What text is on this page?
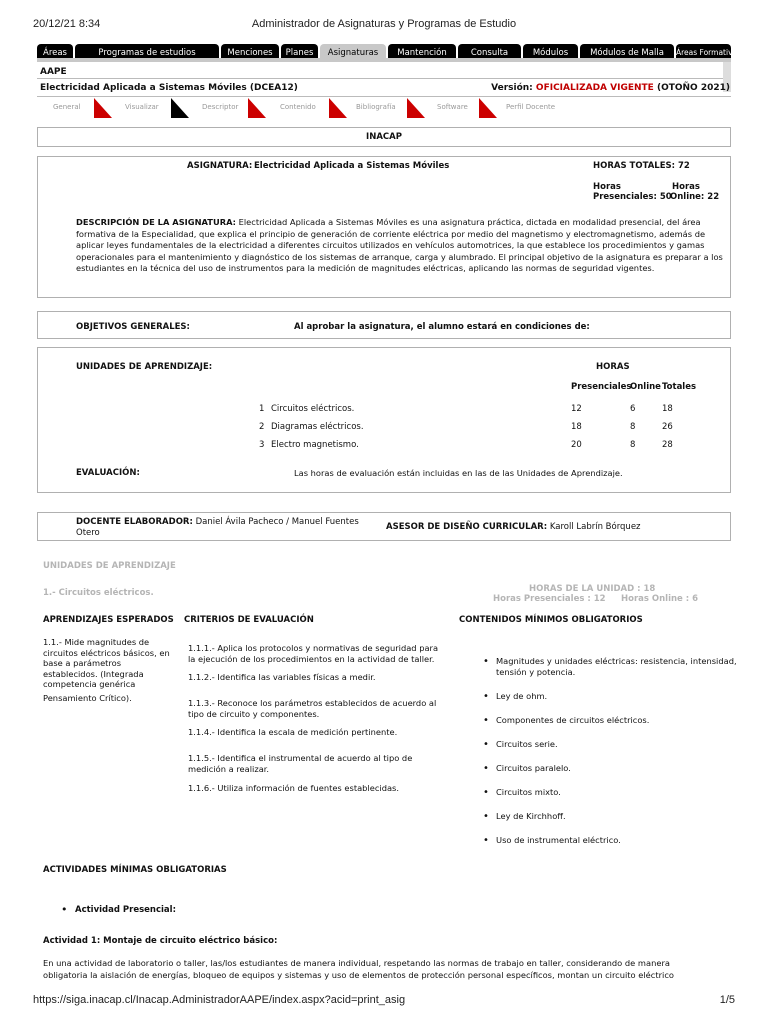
20/12/21 8:34	Administrador de Asignaturas y Programas de Estudio
Áreas	Programas de estudios	Menciones	Planes	Asignaturas	Mantención	Consulta	Módulos	Módulos de Malla	Áreas Formativas
AAPE
Electricidad Aplicada a Sistemas Móviles (DCEA12)	Versión: OFICIALIZADA VIGENTE (OTOÑO 2021)
General	Visualizar	Descriptor	Contenido	Bibliografía	Software	Perfil Docente
INACAP
ASIGNATURA: Electricidad Aplicada a Sistemas Móviles	HORAS TOTALES: 72
Horas	Horas
Presenciales: 50
Online: 22

DESCRIPCIÓN DE LA ASIGNATURA: Electricidad Aplicada a Sistemas Móviles es una asignatura práctica, dictada en modalidad presencial, del área formativa de la Especialidad, que explica el principio de generación de corriente eléctrica por medio del magnetismo y electromagnetismo, además de aplicar leyes fundamentales de la electricidad a diferentes circuitos utilizados en vehículos automotrices, la que establece los procedimientos y gamas operacionales para el mantenimiento y diagnóstico de los sistemas de arranque, carga y alumbrado. El principal objetivo de la asignatura es preparar a los estudiantes en la técnica del uso de instrumentos para la medición de magnitudes eléctricas, aplicando las normas de seguridad vigentes.

OBJETIVOS GENERALES:	Al aprobar la asignatura, el alumno estará en condiciones de:
UNIDADES DE APRENDIZAJE:	HORAS
Presenciales
Online Totales
1 Circuitos eléctricos.	12	6	18
2 Diagramas eléctricos.	18	8	26
3 Electro magnetismo.	20	8	28
EVALUACIÓN:	Las horas de evaluación están incluidas en las de las Unidades de Aprendizaje.
DOCENTE ELABORADOR: Daniel Ávila Pacheco / Manuel Fuentes
Otero
ASESOR DE DISEÑO CURRICULAR: Karoll Labrín Bórquez
UNIDADES DE APRENDIZAJE
1.- Circuitos eléctricos.	HORAS DE LA UNIDAD : 18
Horas Presenciales : 12 Horas Online : 6
APRENDIZAJES ESPERADOS CRITERIOS DE EVALUACIÓN	CONTENIDOS MÍNIMOS OBLIGATORIOS
1.1.- Mide magnitudes de
circuitos eléctricos básicos, en
base a parámetros
establecidos. (Integrada
competencia genérica
Pensamiento Crítico).
1.1.1.- Aplica los protocolos y normativas de seguridad para
la ejecución de los procedimientos en la actividad de taller.
1.1.2.- Identifica las variables físicas a medir.
1.1.3.- Reconoce los parámetros establecidos de acuerdo al
tipo de circuito y componentes.
1.1.4.- Identifica la escala de medición pertinente.
1.1.5.- Identifica el instrumental de acuerdo al tipo de
medición a realizar.
1.1.6.- Utiliza información de fuentes establecidas.
• Magnitudes y unidades eléctricas: resistencia, intensidad, tensión y potencia.
• Ley de ohm.
• Componentes de circuitos eléctricos.
• Circuitos serie.
• Circuitos paralelo.
• Circuitos mixto.
• Ley de Kirchhoff.
• Uso de instrumental eléctrico.
ACTIVIDADES MÍNIMAS OBLIGATORIAS
• Actividad Presencial:
Actividad 1: Montaje de circuito eléctrico básico:
En una actividad de laboratorio o taller, las/los estudiantes de manera individual, respetando las normas de trabajo en taller, considerando de manera
obligatoria la aislación de energías, bloqueo de equipos y sistemas y uso de elementos de protección personal específicos, montan un circuito eléctrico
https://siga.inacap.cl/Inacap.AdministradorAAPE/index.aspx?acid=print_asig	1/5
